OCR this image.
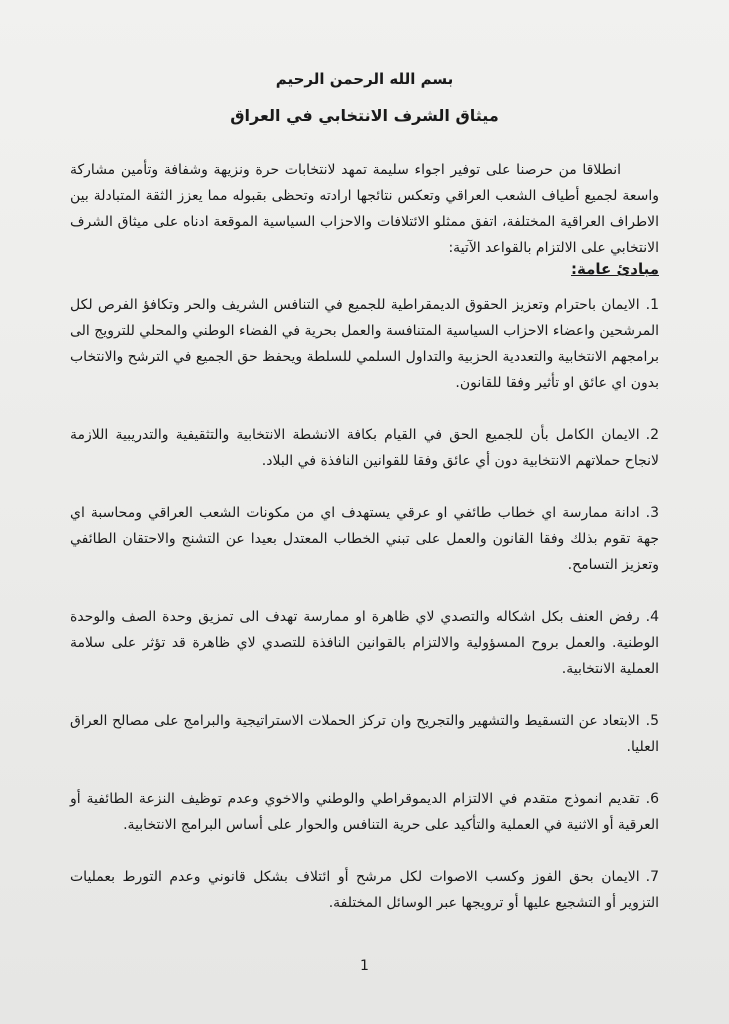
بسم الله الرحمن الرحيم
ميثاق الشرف الانتخابي في العراق

انطلاقا من حرصنا على توفير اجواء سليمة تمهد لانتخابات حرة ونزيهة وشفافة وتأمين مشاركة واسعة لجميع أطياف الشعب العراقي وتعكس نتائجها ارادته وتحظى بقبوله مما يعزز الثقة المتبادلة بين الاطراف العراقية المختلفة، اتفق ممثلو الائتلافات والاحزاب السياسية الموقعة ادناه على ميثاق الشرف الانتخابي على الالتزام بالقواعد الآتية:

مبادئ عامة:
1.الايمان باحترام وتعزيز الحقوق الديمقراطية للجميع في التنافس الشريف والحر وتكافؤ الفرص لكل المرشحين واعضاء الاحزاب السياسية المتنافسة والعمل بحرية في الفضاء الوطني والمحلي للترويج الى برامجهم الانتخابية والتعددية الحزبية والتداول السلمي للسلطة ويحفظ حق الجميع في الترشح والانتخاب بدون اي عائق او تأثير وفقا للقانون.
2.الايمان الكامل بأن للجميع الحق في القيام بكافة الانشطة الانتخابية والتثقيفية والتدريبية اللازمة لانجاح حملاتهم الانتخابية دون أي عائق وفقا للقوانين النافذة في البلاد.
3.ادانة ممارسة اي خطاب طائفي او عرقي يستهدف اي من مكونات الشعب العراقي ومحاسبة اي جهة تقوم بذلك وفقا القانون والعمل على تبني الخطاب المعتدل بعيدا عن التشنج والاحتقان الطائفي وتعزيز التسامح.
4.رفض العنف بكل اشكاله والتصدي لاي ظاهرة او ممارسة تهدف الى تمزيق وحدة الصف والوحدة الوطنية. والعمل بروح المسؤولية والالتزام بالقوانين النافذة للتصدي لاي ظاهرة قد تؤثر على سلامة العملية الانتخابية.
5.الابتعاد عن التسقيط والتشهير والتجريح وان تركز الحملات الاستراتيجية والبرامج على مصالح العراق العليا.
6.تقديم انموذج متقدم في الالتزام الديموقراطي والوطني والاخوي وعدم توظيف النزعة الطائفية أو العرقية أو الاثنية في العملية والتأكيد على حرية التنافس والحوار على أساس البرامج الانتخابية.
7.الايمان بحق الفوز وكسب الاصوات لكل مرشح أو ائتلاف بشكل قانوني وعدم التورط بعمليات التزوير أو التشجيع عليها أو ترويجها عبر الوسائل المختلفة.
1
